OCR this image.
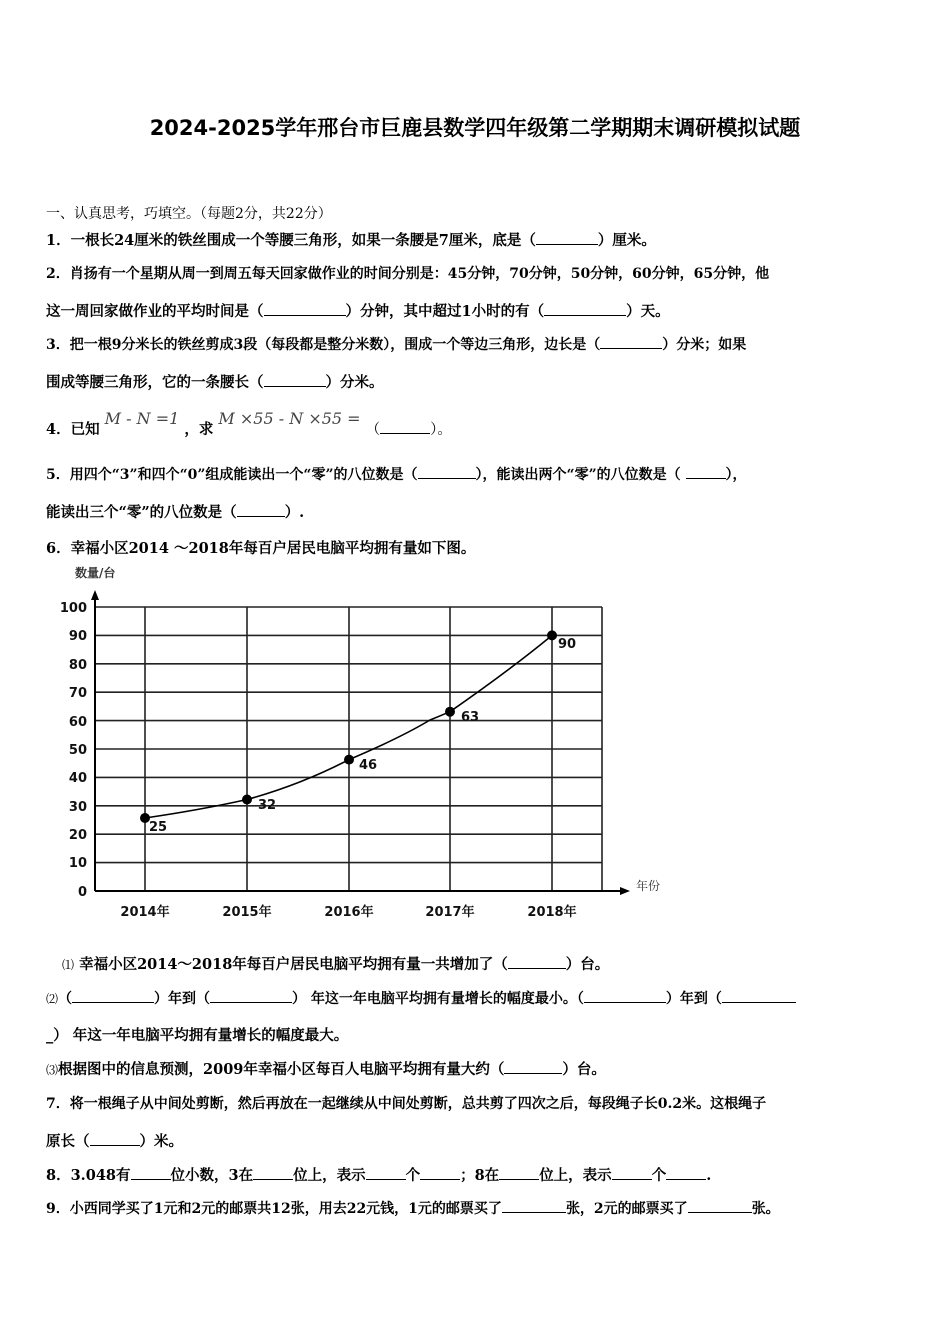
2024-2025学年邢台市巨鹿县数学四年级第二学期期末调研模拟试题
一、认真思考，巧填空。（每题2分，共22分）
1．一根长24厘米的铁丝围成一个等腰三角形，如果一条腰是7厘米，底是（	）厘米。
2．肖扬有一个星期从周一到周五每天回家做作业的时间分别是：45分钟，70分钟，50分钟，60分钟，65分钟，他
这一周回家做作业的平均时间是（	）分钟，其中超过1小时的有（	）天。
3．把一根9分米长的铁丝剪成3段（每段都是整分米数），围成一个等边三角形，边长是（	）分米；如果
围成等腰三角形，它的一条腰长（	）分米。
4．已知 M - N =1 ，求 M ×55 - N ×55 = （	）。
5．用四个“3”和四个“0”组成能读出一个“零”的八位数是（	），能读出两个“零”的八位数是（	），
能读出三个“零”的八位数是（	）.
6．幸福小区2014 ～2018年每百户居民电脑平均拥有量如下图。
数量/台
年份
0
10
20
30
40
50
60
70
80
90
100
2014年	2015年	2016年	2017年	2018年
25
32
46
63
90
⑴ 幸福小区2014～2018年每百户居民电脑平均拥有量一共增加了（	）台。
⑵（	）年到（	） 年这一年电脑平均拥有量增长的幅度最小。（	）年到（
_） 年这一年电脑平均拥有量增长的幅度最大。
⑶根据图中的信息预测，2009年幸福小区每百人电脑平均拥有量大约（	）台。
7．将一根绳子从中间处剪断，然后再放在一起继续从中间处剪断，总共剪了四次之后，每段绳子长0.2米。这根绳子
原长（	）米。
8．3.048有	位小数，3在	位上，表示	个	；8在	位上，表示	个	.
9．小西同学买了1元和2元的邮票共12张，用去22元钱，1元的邮票买了	张，2元的邮票买了	张。
